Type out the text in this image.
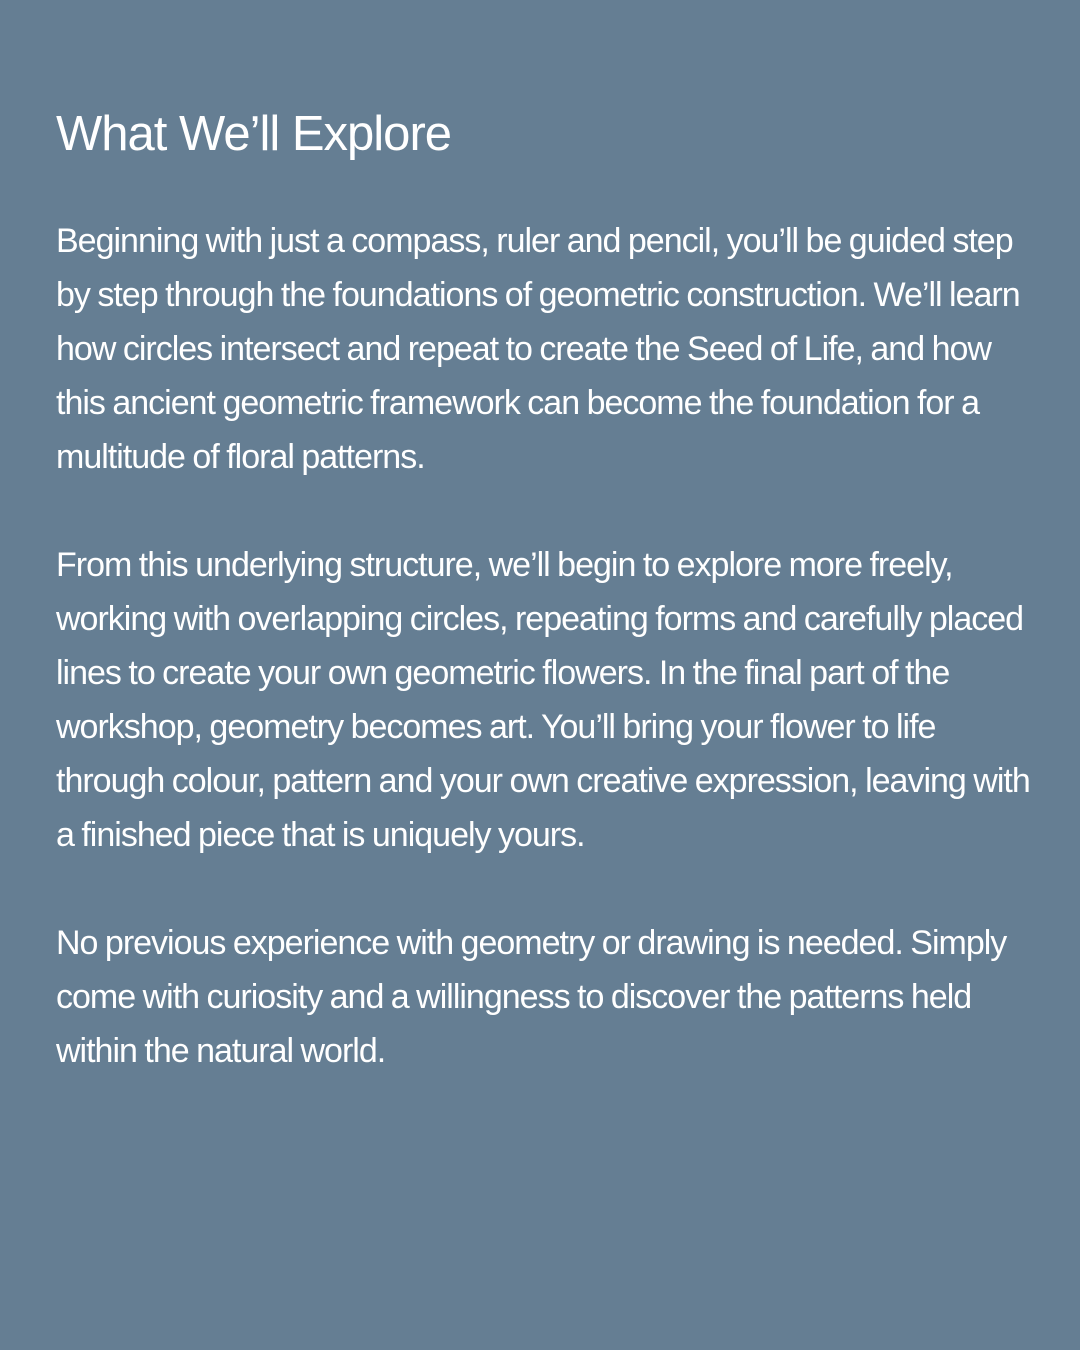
What We’ll Explore

Beginning with just a compass, ruler and pencil, you’ll be guided step by step through the foundations of geometric construction. We’ll learn how circles intersect and repeat to create the Seed of Life, and how this ancient geometric framework can become the foundation for a multitude of floral patterns.

From this underlying structure, we’ll begin to explore more freely, working with overlapping circles, repeating forms and carefully placed lines to create your own geometric flowers. In the final part of the workshop, geometry becomes art. You’ll bring your flower to life through colour, pattern and your own creative expression, leaving with a finished piece that is uniquely yours.

No previous experience with geometry or drawing is needed. Simply come with curiosity and a willingness to discover the patterns held within the natural world.
